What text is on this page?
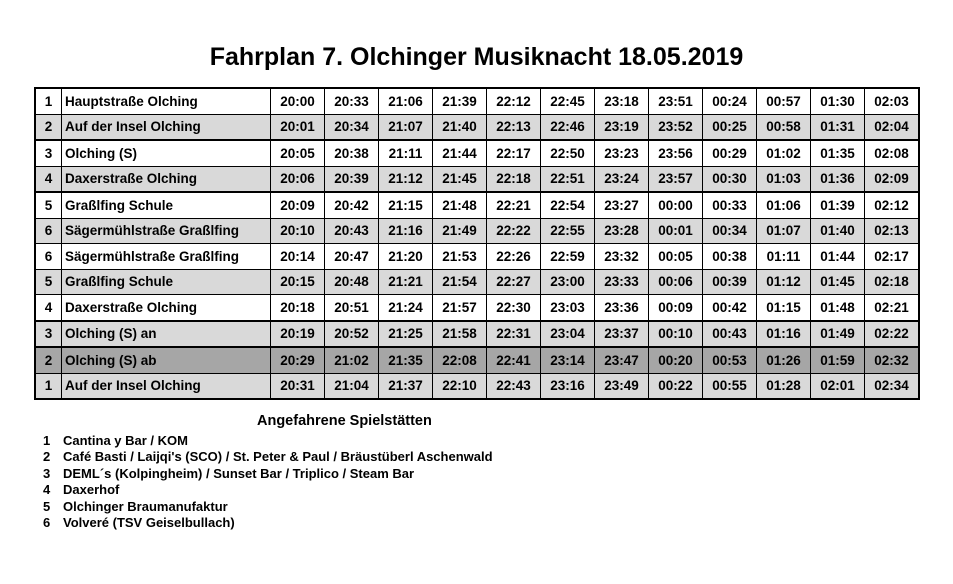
Fahrplan 7. Olchinger Musiknacht 18.05.2019
1	Hauptstraße Olching	20:00	20:33	21:06	21:39	22:12	22:45	23:18	23:51	00:24	00:57	01:30	02:03
2	Auf der Insel Olching	20:01	20:34	21:07	21:40	22:13	22:46	23:19	23:52	00:25	00:58	01:31	02:04
3	Olching (S)	20:05	20:38	21:11	21:44	22:17	22:50	23:23	23:56	00:29	01:02	01:35	02:08
4	Daxerstraße Olching	20:06	20:39	21:12	21:45	22:18	22:51	23:24	23:57	00:30	01:03	01:36	02:09
5	Graßlfing Schule	20:09	20:42	21:15	21:48	22:21	22:54	23:27	00:00	00:33	01:06	01:39	02:12
6	Sägermühlstraße Graßlfing	20:10	20:43	21:16	21:49	22:22	22:55	23:28	00:01	00:34	01:07	01:40	02:13
6	Sägermühlstraße Graßlfing	20:14	20:47	21:20	21:53	22:26	22:59	23:32	00:05	00:38	01:11	01:44	02:17
5	Graßlfing Schule	20:15	20:48	21:21	21:54	22:27	23:00	23:33	00:06	00:39	01:12	01:45	02:18
4	Daxerstraße Olching	20:18	20:51	21:24	21:57	22:30	23:03	23:36	00:09	00:42	01:15	01:48	02:21
3	Olching (S) an	20:19	20:52	21:25	21:58	22:31	23:04	23:37	00:10	00:43	01:16	01:49	02:22
2	Olching (S) ab	20:29	21:02	21:35	22:08	22:41	23:14	23:47	00:20	00:53	01:26	01:59	02:32
1	Auf der Insel Olching	20:31	21:04	21:37	22:10	22:43	23:16	23:49	00:22	00:55	01:28	02:01	02:34
Angefahrene Spielstätten
1 Cantina y Bar / KOM
2 Café Basti / Laijqi's (SCO) / St. Peter & Paul / Bräustüberl Aschenwald
3 DEML´s (Kolpingheim) / Sunset Bar / Triplico / Steam Bar
4 Daxerhof
5 Olchinger Braumanufaktur
6 Volveré (TSV Geiselbullach)
